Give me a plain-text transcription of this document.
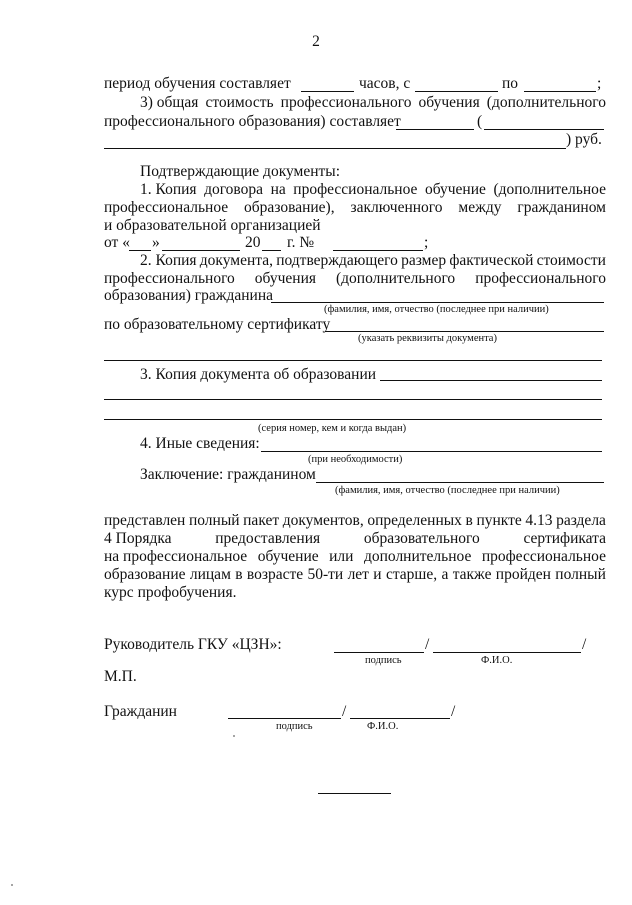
2
период обучения составляет	часов, с	по	;
3) общая стоимость профессионального обучения (дополнительного
профессионального образования) составляет	(
) руб.
Подтверждающие документы:
1. Копия договора на профессиональное обучение (дополнительное
профессиональное образование), заключенного между гражданином
и образовательной организацией
от « »	20 г. №	;
2. Копия документа, подтверждающего размер фактической стоимости
профессионального обучения (дополнительного профессионального
образования) гражданина
(фамилия, имя, отчество (последнее при наличии)
по образовательному сертификату
(указать реквизиты документа)
3. Копия документа об образовании
(серия номер, кем и когда выдан)
4. Иные сведения:
(при необходимости)
Заключение: гражданином
(фамилия, имя, отчество (последнее при наличии)
представлен полный пакет документов, определенных в пункте 4.13 раздела
4 Порядка	предоставления	образовательного	сертификата
на профессиональное обучение или дополнительное профессиональное
образование лицам в возрасте 50-ти лет и старше, а также пройден полный
курс профобучения.
Руководитель ГКУ «ЦЗН»:	/	/
подпись	Ф.И.О.
М.П.
Гражданин	/	/
подпись	Ф.И.О.
